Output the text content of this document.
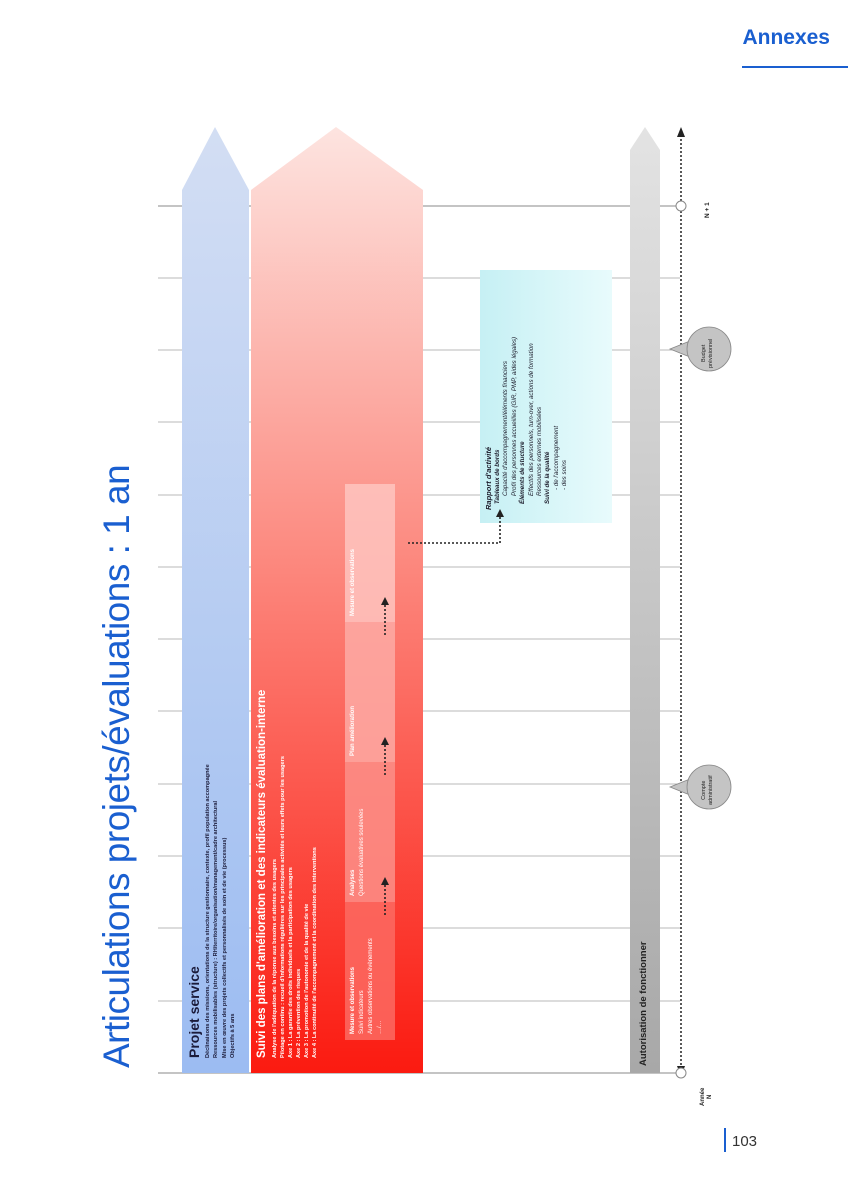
Annexes
103
Articulations projets/évaluations : 1 an	Projet service Déclinaisons des missions, orientations de la structure gestionnaire, contexte, profil population accompagnée Ressources mobilisables (structure) : RH/territoire/organisation/management/cadre architectural Mise en œuvre des projets collectifs et personnalisés de soin et de vie (processus) Objectifs à 5 ans Suivi des plans d'amélioration et des indicateurs évaluation-interne Analyse de l'adéquation de la réponse aux besoins et attentes des usagers Pilotage en continu : recueil d'informations régulières sur les principales activités et leurs effets pour les usagers Axe 1 : La garantie des droits individuels et la participation des usagers Axe 2 : La prévention des risques Axe 3 : La promotion de l'autonomie et de la qualité de vie Axe 4 : La continuité de l'accompagnement et la coordination des interventions	Mesure et observations Suivi indicateurs Autres observations ou évènements …/…
Analyses Questions évaluatives soulevées
Plan amélioration
Mesure et observations
Rapport d'activité Tableaux de bords Capacité d'accompagnement/éléments financiers Profil des personnes accueillies (GIR, PMP, aides légales) Éléments de stucture Effectifs des personnels, turn-over, actions de formation Ressources externes mobilisées Suivi de la qualité - de l'accompagnement - des soins
Autorisation de fonctionner
Année N
N + 1
Budget prévisionnel
Compte administratif
